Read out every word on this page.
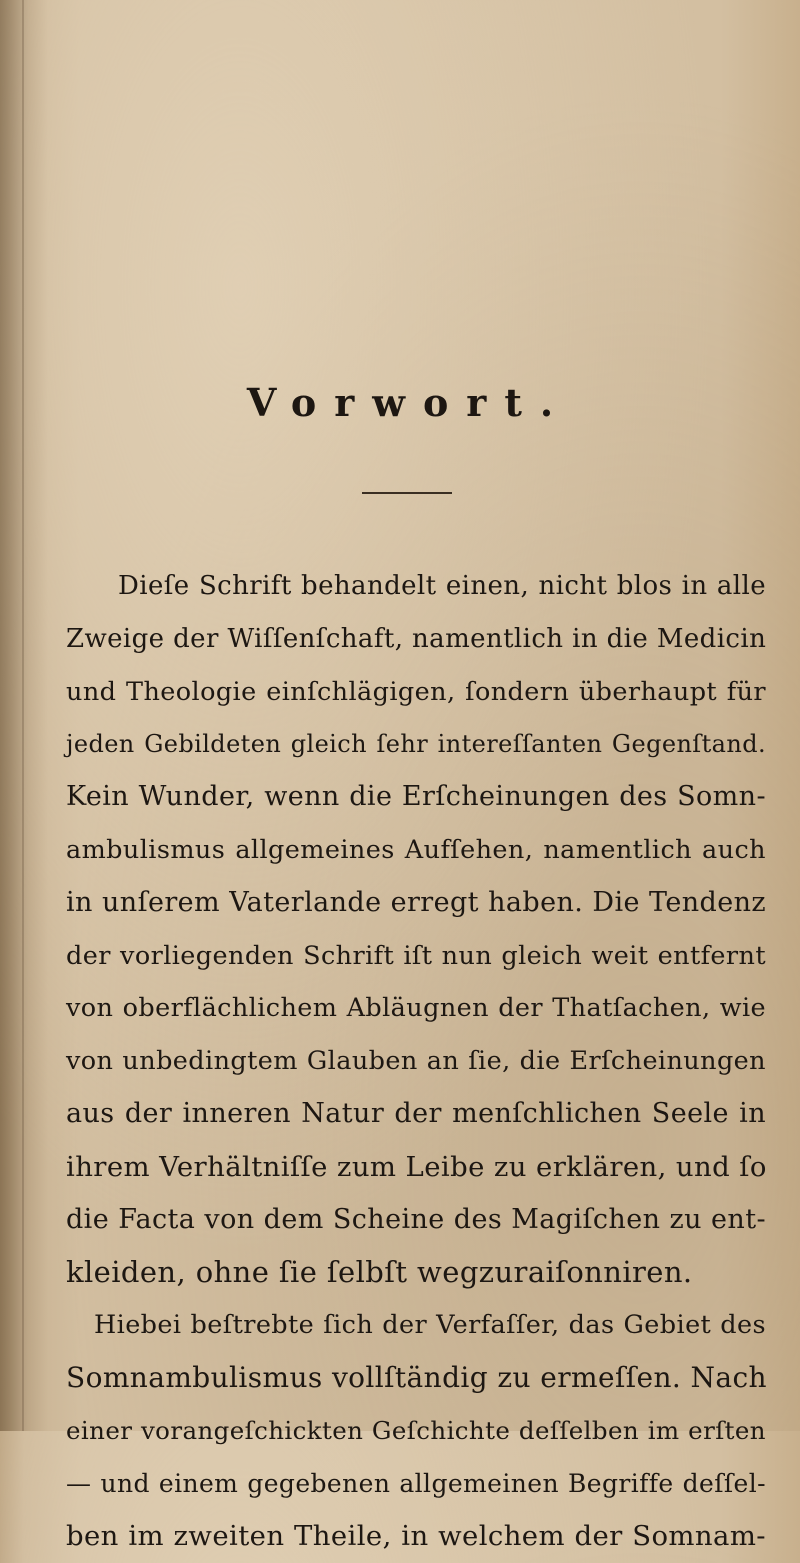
Vorwort.
Dieſe Schrift behandelt einen, nicht blos in alle
Zweige der Wiſſenſchaft, namentlich in die Medicin
und Theologie einſchlägigen, ſondern überhaupt für
jeden Gebildeten gleich ſehr intereſſanten Gegenſtand.
Kein Wunder, wenn die Erſcheinungen des Somn-
ambulismus allgemeines Aufſehen, namentlich auch
in unſerem Vaterlande erregt haben. Die Tendenz
der vorliegenden Schrift iſt nun gleich weit entfernt
von oberflächlichem Abläugnen der Thatſachen, wie
von unbedingtem Glauben an ſie, die Erſcheinungen
aus der inneren Natur der menſchlichen Seele in
ihrem Verhältniſſe zum Leibe zu erklären, und ſo
die Facta von dem Scheine des Magiſchen zu ent-
kleiden, ohne ſie ſelbſt wegzuraiſonniren.
Hiebei beſtrebte ſich der Verfaſſer, das Gebiet des
Somnambulismus vollſtändig zu ermeſſen. Nach
einer vorangeſchickten Geſchichte deſſelben im erſten
— und einem gegebenen allgemeinen Begriffe deſſel-
ben im zweiten Theile, in welchem der Somnam-
